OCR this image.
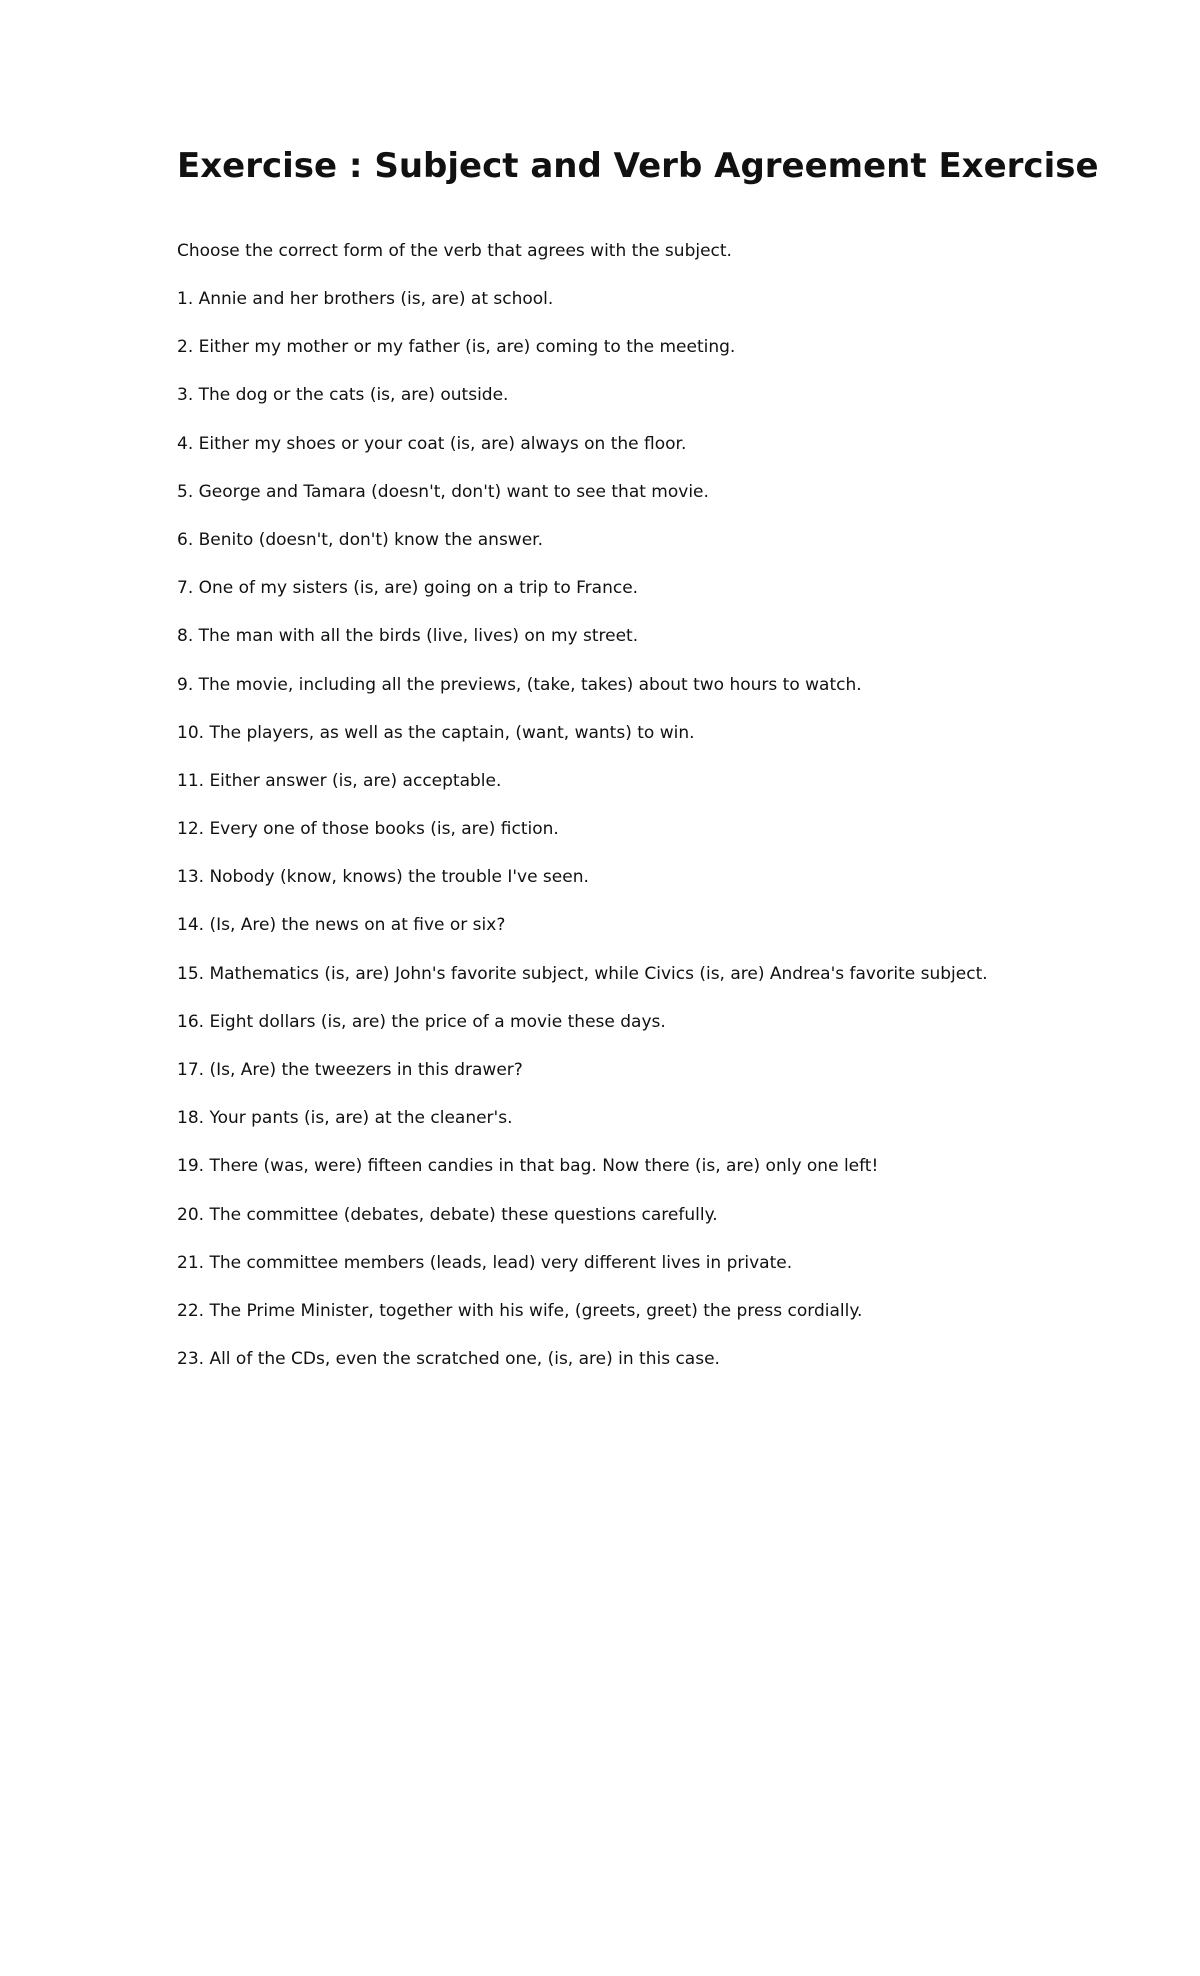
Exercise : Subject and Verb Agreement Exercise

Choose the correct form of the verb that agrees with the subject.

1. Annie and her brothers (is, are) at school.
2. Either my mother or my father (is, are) coming to the meeting.
3. The dog or the cats (is, are) outside.
4. Either my shoes or your coat (is, are) always on the floor.
5. George and Tamara (doesn't, don't) want to see that movie.
6. Benito (doesn't, don't) know the answer.
7. One of my sisters (is, are) going on a trip to France.
8. The man with all the birds (live, lives) on my street.
9. The movie, including all the previews, (take, takes) about two hours to watch.
10. The players, as well as the captain, (want, wants) to win.
11. Either answer (is, are) acceptable.
12. Every one of those books (is, are) fiction.
13. Nobody (know, knows) the trouble I've seen.
14. (Is, Are) the news on at five or six?
15. Mathematics (is, are) John's favorite subject, while Civics (is, are) Andrea's favorite subject.
16. Eight dollars (is, are) the price of a movie these days.
17. (Is, Are) the tweezers in this drawer?
18. Your pants (is, are) at the cleaner's.
19. There (was, were) fifteen candies in that bag. Now there (is, are) only one left!
20. The committee (debates, debate) these questions carefully.
21. The committee members (leads, lead) very different lives in private.
22. The Prime Minister, together with his wife, (greets, greet) the press cordially.
23. All of the CDs, even the scratched one, (is, are) in this case.
